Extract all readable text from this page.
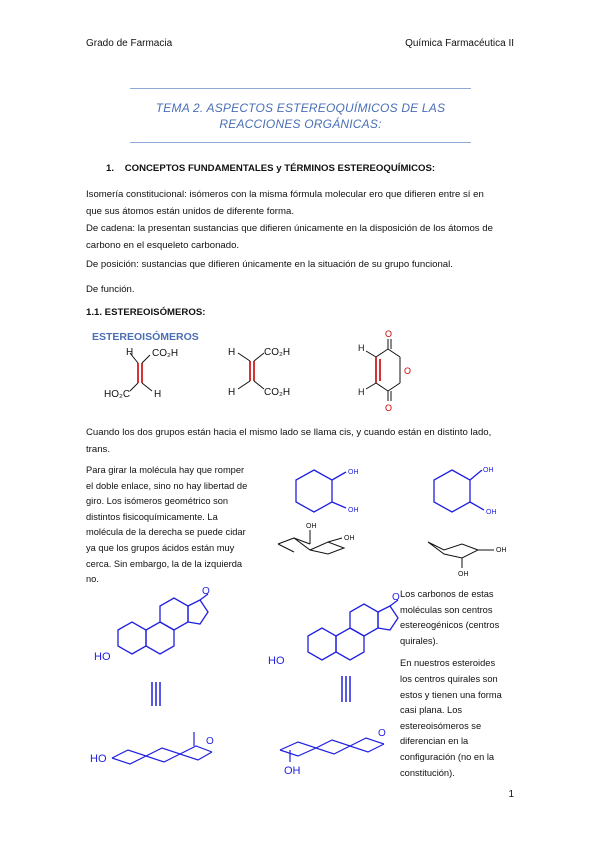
Grado de Farmacia	Química Farmacéutica II
TEMA 2. ASPECTOS ESTEREOQUÍMICOS DE LAS
REACCIONES ORGÁNICAS:
1. CONCEPTOS FUNDAMENTALES y TÉRMINOS ESTEREOQUÍMICOS:
Isomería constitucional: isómeros con la misma fórmula molecular ero que difieren entre sí en
que sus átomos están unidos de diferente forma.
De cadena: la presentan sustancias que difieren únicamente en la disposición de los átomos de
carbono en el esqueleto carbonado.
De posición: sustancias que difieren únicamente en la situación de su grupo funcional.
De función.
1.1. ESTEREOISÓMEROS:
ESTEREOISÓMEROS
H CO₂H
HO₂C H
H	CO₂H
H	CO₂H
O
O
O
H
H
Cuando los dos grupos están hacia el mismo lado se llama cis, y cuando están en distinto lado,
trans.
Para girar la molécula hay que romper
el doble enlace, sino no hay libertad de
giro. Los isómeros geométrico son
distintos fisicoquímicamente. La
molécula de la derecha se puede cidar
ya que los grupos ácidos están muy
cerca. Sin embargo, la de la izquierda
no.
OH
OH
OH
OH
OH
OH
OH
OH
O
HO
O
HO
HO
O
OH
O
Los carbonos de estas
moléculas son centros
estereogénicos (centros
quirales).
En nuestros esteroides
los centros quirales son
estos y tienen una forma
casi plana. Los
estereoisómeros se
diferencian en la
configuración (no en la
constitución).
1
